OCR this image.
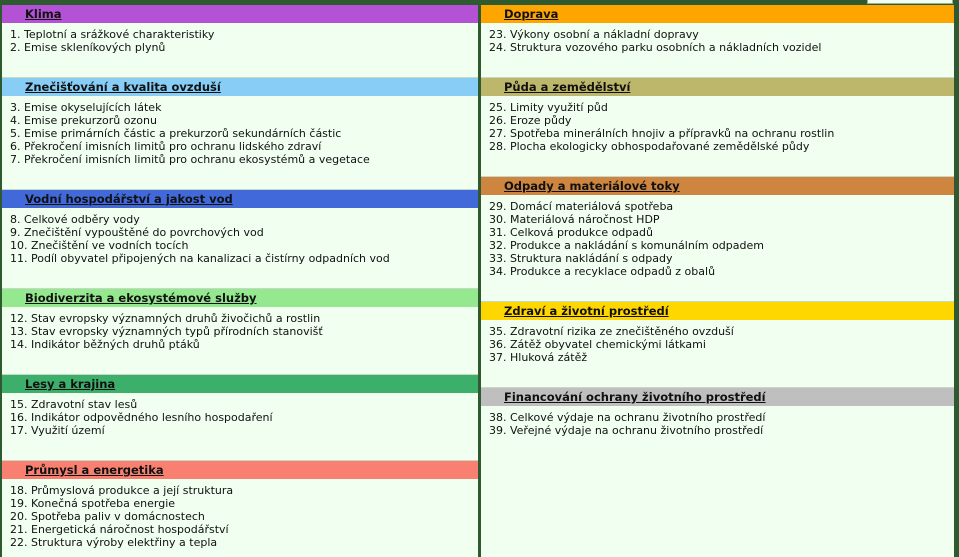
Klima
1. Teplotní a srážkové charakteristiky
2. Emise skleníkových plynů
Znečišťování a kvalita ovzduší
3. Emise okyselujících látek
4. Emise prekurzorů ozonu
5. Emise primárních částic a prekurzorů sekundárních částic
6. Překročení imisních limitů pro ochranu lidského zdraví
7. Překročení imisních limitů pro ochranu ekosystémů a vegetace
Vodní hospodářství a jakost vod
8. Celkové odběry vody
9. Znečištění vypouštěné do povrchových vod
10. Znečištění ve vodních tocích
11. Podíl obyvatel připojených na kanalizaci a čistírny odpadních vod
Biodiverzita a ekosystémové služby
12. Stav evropsky významných druhů živočichů a rostlin
13. Stav evropsky významných typů přírodních stanovišť
14. Indikátor běžných druhů ptáků
Lesy a krajina
15. Zdravotní stav lesů
16. Indikátor odpovědného lesního hospodaření
17. Využití území
Průmysl a energetika
18. Průmyslová produkce a její struktura
19. Konečná spotřeba energie
20. Spotřeba paliv v domácnostech
21. Energetická náročnost hospodářství
22. Struktura výroby elektřiny a tepla
Doprava
23. Výkony osobní a nákladní dopravy
24. Struktura vozového parku osobních a nákladních vozidel
Půda a zemědělství
25. Limity využití půd
26. Eroze půdy
27. Spotřeba minerálních hnojiv a přípravků na ochranu rostlin
28. Plocha ekologicky obhospodařované zemědělské půdy
Odpady a materiálové toky
29. Domácí materiálová spotřeba
30. Materiálová náročnost HDP
31. Celková produkce odpadů
32. Produkce a nakládání s komunálním odpadem
33. Struktura nakládání s odpady
34. Produkce a recyklace odpadů z obalů
Zdraví a životní prostředí
35. Zdravotní rizika ze znečištěného ovzduší
36. Zátěž obyvatel chemickými látkami
37. Hluková zátěž
Financování ochrany životního prostředí
38. Celkové výdaje na ochranu životního prostředí
39. Veřejné výdaje na ochranu životního prostředí
